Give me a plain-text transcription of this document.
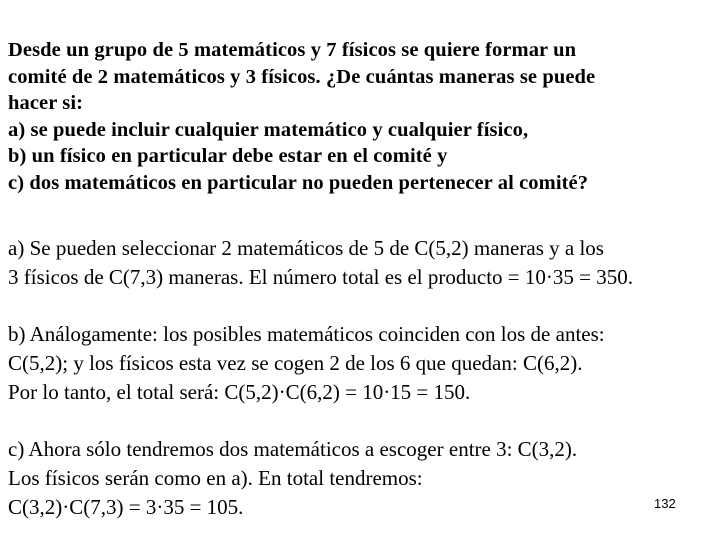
Desde un grupo de 5 matemáticos y 7 físicos se quiere formar un
comité de 2 matemáticos y 3 físicos. ¿De cuántas maneras se puede
hacer si:
a) se puede incluir cualquier matemático y cualquier físico,
b) un físico en particular debe estar en el comité y
c) dos matemáticos en particular no pueden pertenecer al comité?
a) Se pueden seleccionar 2 matemáticos de 5 de C(5,2) maneras y a los
3 físicos de C(7,3) maneras. El número total es el producto = 10·35 = 350.
b) Análogamente: los posibles matemáticos coinciden con los de antes:
C(5,2); y los físicos esta vez se cogen 2 de los 6 que quedan: C(6,2).
Por lo tanto, el total será: C(5,2)·C(6,2) = 10·15 = 150.
c) Ahora sólo tendremos dos matemáticos a escoger entre 3: C(3,2).
Los físicos serán como en a). En total tendremos:
C(3,2)·C(7,3) = 3·35 = 105.	132
